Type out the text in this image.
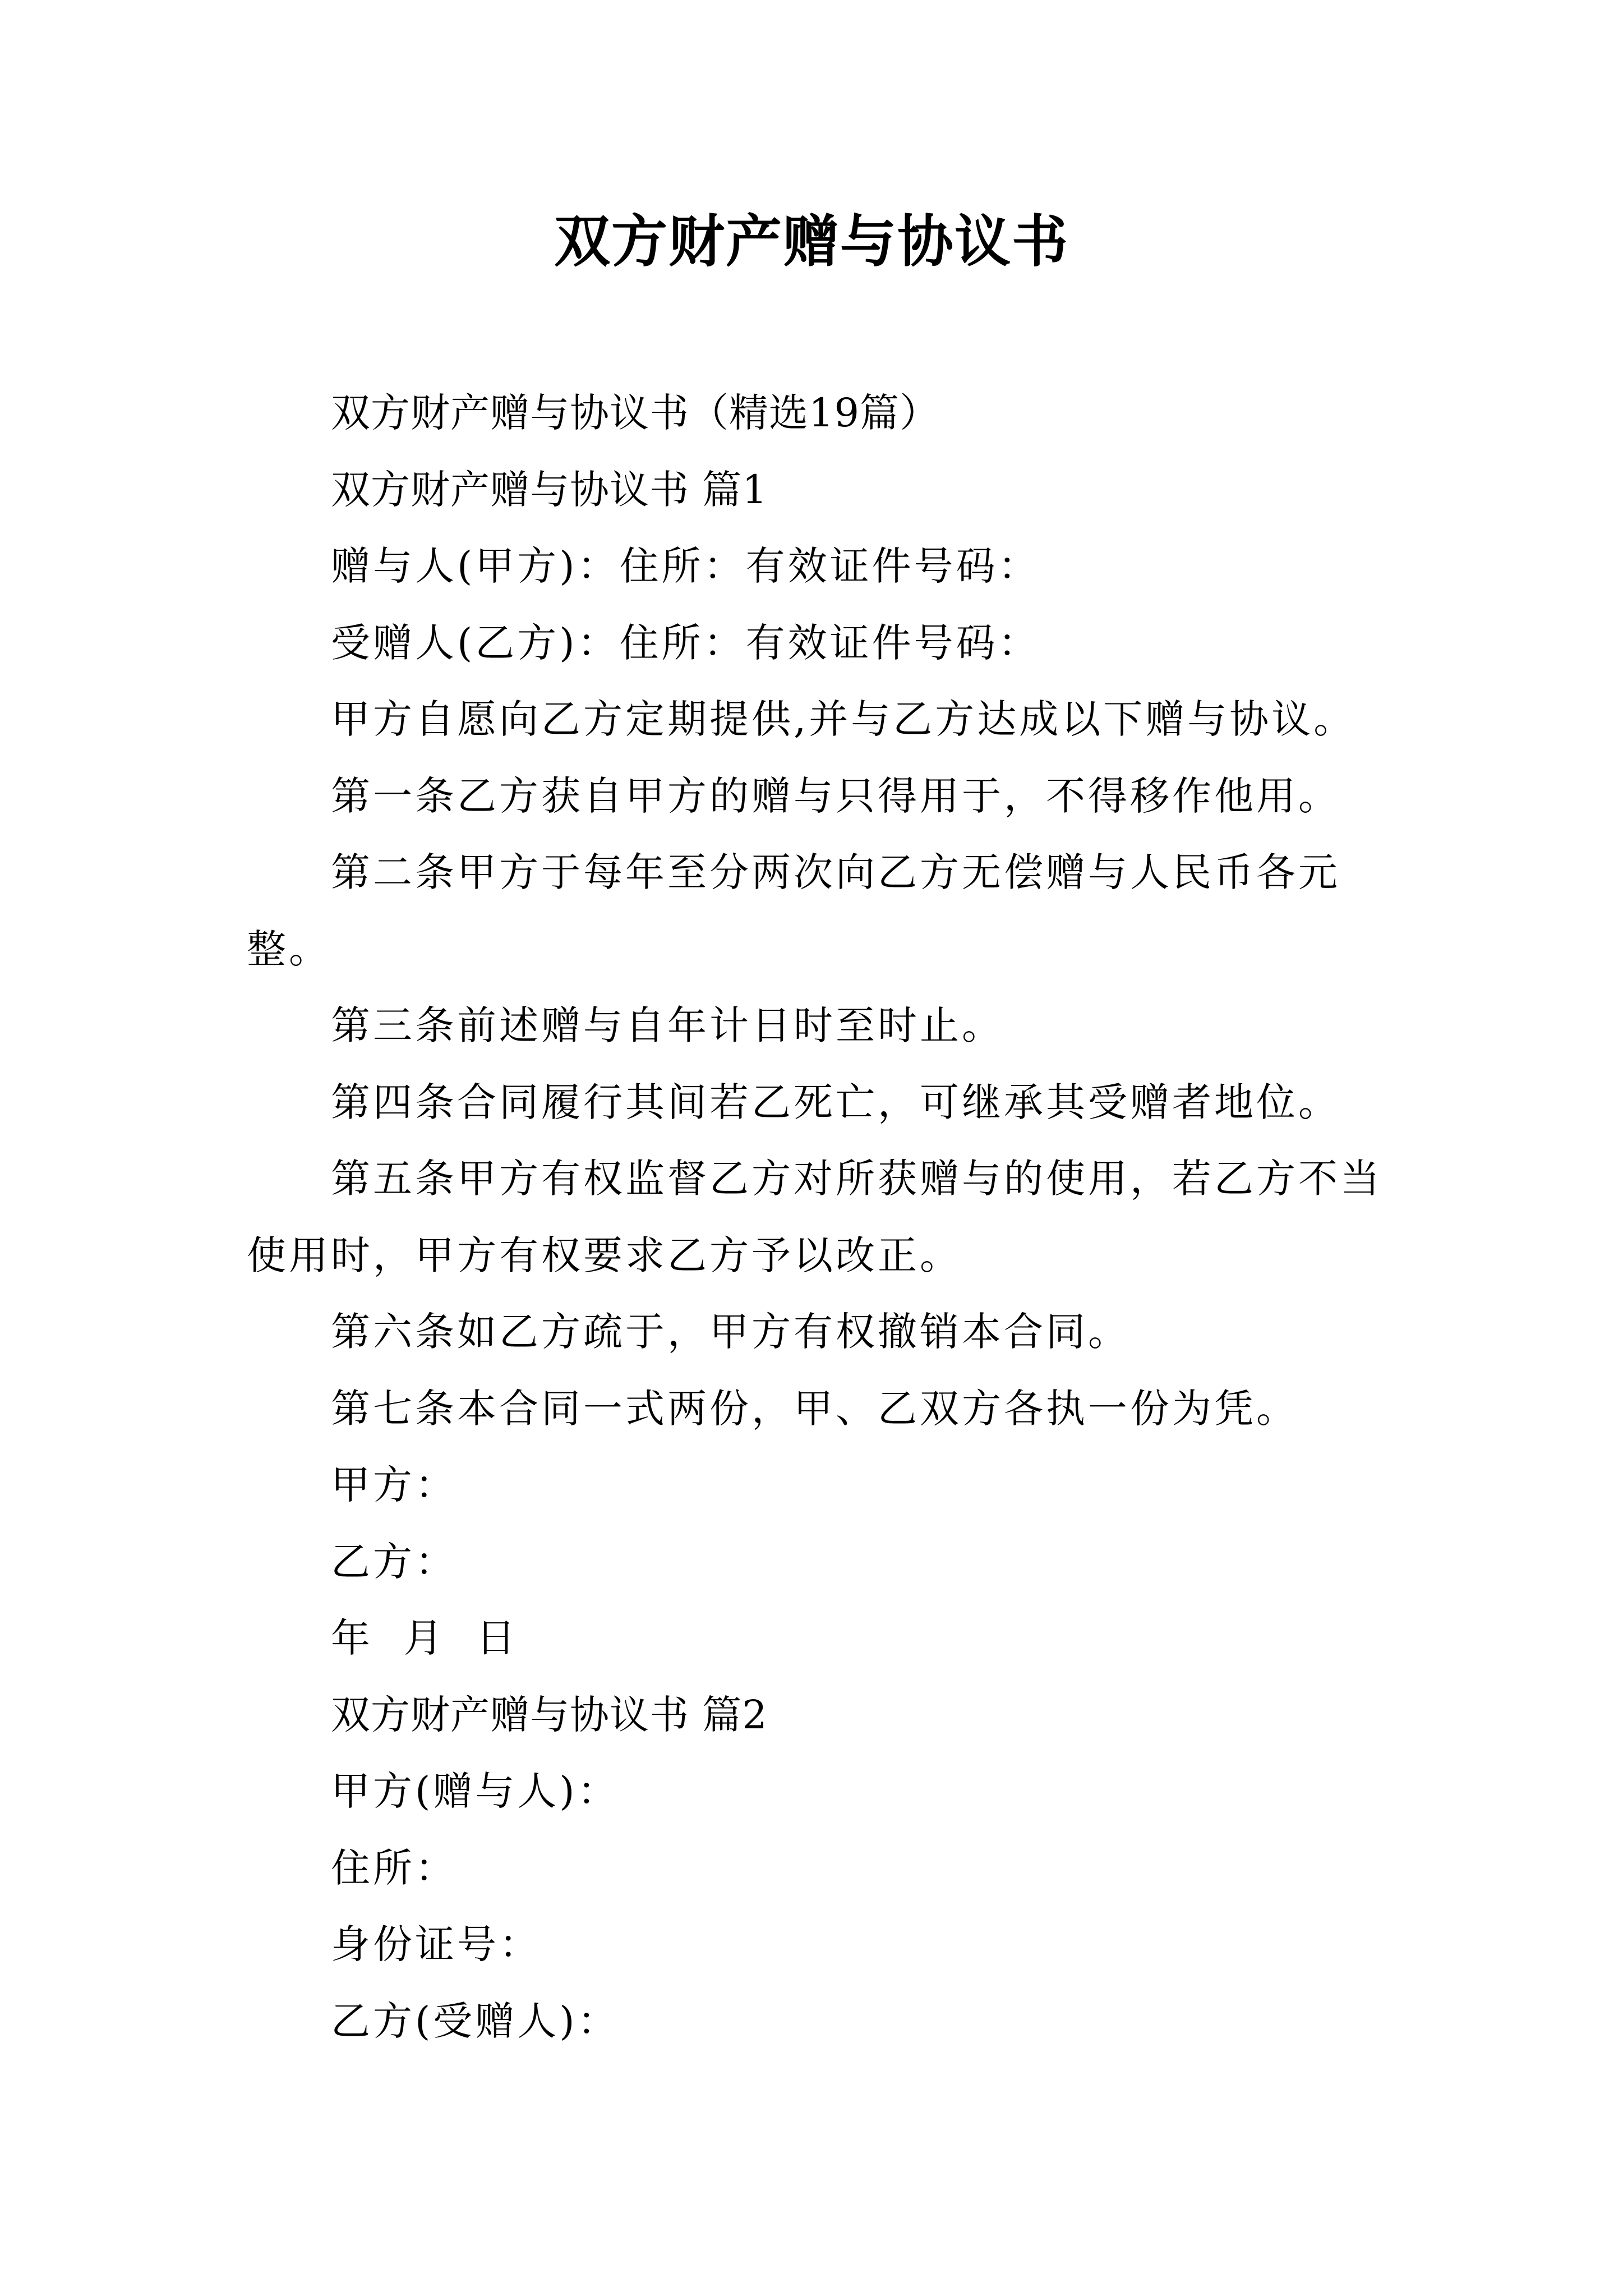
双方财产赠与协议书

双方财产赠与协议书（精选19篇）

双方财产赠与协议书 篇1

赠与人(甲方)：住所：有效证件号码：

受赠人(乙方)：住所：有效证件号码：

甲方自愿向乙方定期提供,并与乙方达成以下赠与协议。

第一条乙方获自甲方的赠与只得用于，不得移作他用。

第二条甲方于每年至分两次向乙方无偿赠与人民币各元整。

第三条前述赠与自年计日时至时止。

第四条合同履行其间若乙死亡，可继承其受赠者地位。

第五条甲方有权监督乙方对所获赠与的使用，若乙方不当使用时，甲方有权要求乙方予以改正。

第六条如乙方疏于，甲方有权撤销本合同。

第七条本合同一式两份，甲、乙双方各执一份为凭。

甲方：

乙方：

年  月  日

双方财产赠与协议书 篇2

甲方(赠与人)：

住所：

身份证号：

乙方(受赠人)：
